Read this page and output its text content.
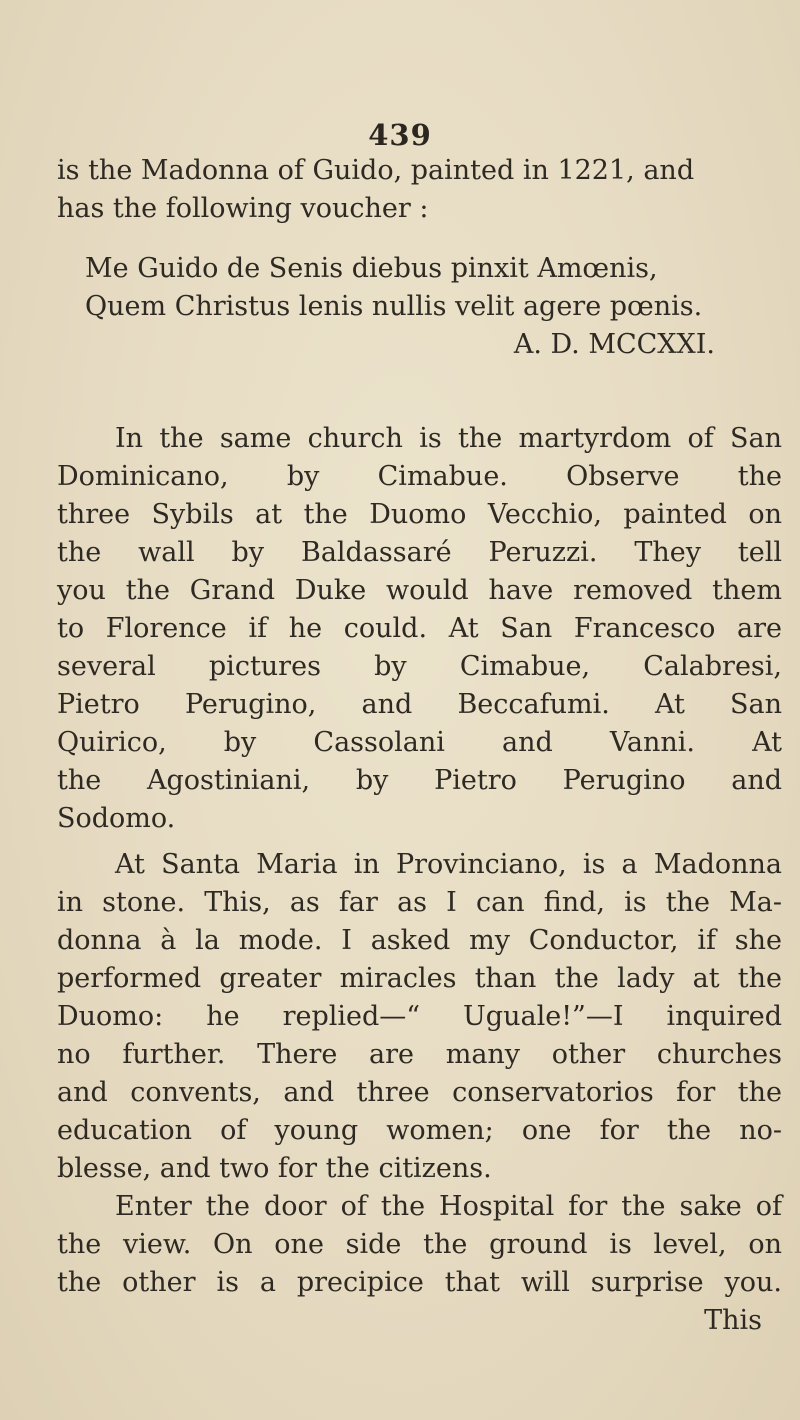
439
is the Madonna of Guido, painted in 1221, and
has the following voucher :
Me Guido de Senis diebus pinxit Amœnis,
Quem Christus lenis nullis velit agere pœnis.
A. D. MCCXXI.
In the same church is the martyrdom of San
Dominicano, by Cimabue. Observe the
three Sybils at the Duomo Vecchio, painted on
the wall by Baldassaré Peruzzi. They tell
you the Grand Duke would have removed them
to Florence if he could. At San Francesco are
several pictures by Cimabue, Calabresi,
Pietro Perugino, and Beccafumi. At San
Quirico, by Cassolani and Vanni. At
the Agostiniani, by Pietro Perugino and
Sodomo.
At Santa Maria in Provinciano, is a Madonna
in stone. This, as far as I can find, is the Ma-
donna à la mode. I asked my Conductor, if she
performed greater miracles than the lady at the
Duomo: he replied—“ Uguale!”—I inquired
no further. There are many other churches
and convents, and three conservatorios for the
education of young women; one for the no-
blesse, and two for the citizens.
Enter the door of the Hospital for the sake of
the view. On one side the ground is level, on
the other is a precipice that will surprise you.
This
